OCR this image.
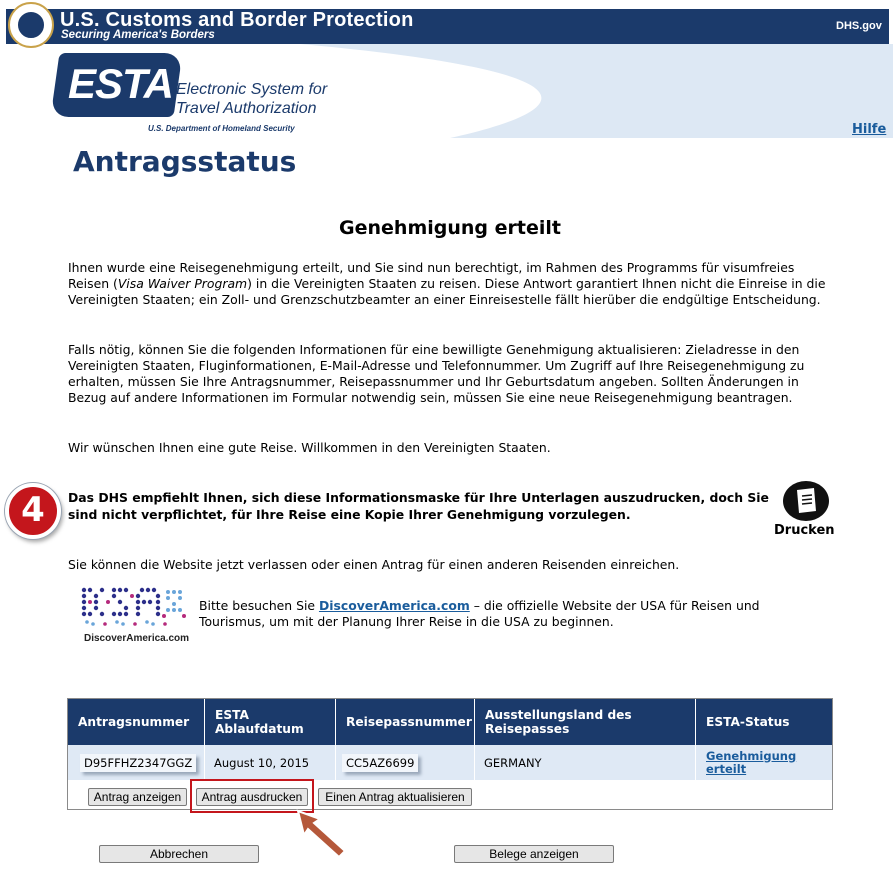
U.S. Customs and Border Protection
Securing America's Borders
DHS.gov
ESTA Electronic System for
Travel Authorization
U.S. Department of Homeland Security	Hilfe
Antragsstatus
Genehmigung erteilt
Ihnen wurde eine Reisegenehmigung erteilt, und Sie sind nun berechtigt, im Rahmen des Programms für visumfreies Reisen (Visa Waiver Program) in die Vereinigten Staaten zu reisen. Diese Antwort garantiert Ihnen nicht die Einreise in die Vereinigten Staaten; ein Zoll- und Grenzschutzbeamter an einer Einreisestelle fällt hierüber die endgültige Entscheidung.
Falls nötig, können Sie die folgenden Informationen für eine bewilligte Genehmigung aktualisieren: Zieladresse in den Vereinigten Staaten, Fluginformationen, E-Mail-Adresse und Telefonnummer. Um Zugriff auf Ihre Reisegenehmigung zu erhalten, müssen Sie Ihre Antragsnummer, Reisepassnummer und Ihr Geburtsdatum angeben. Sollten Änderungen in Bezug auf andere Informationen im Formular notwendig sein, müssen Sie eine neue Reisegenehmigung beantragen.
Wir wünschen Ihnen eine gute Reise. Willkommen in den Vereinigten Staaten.
4	Das DHS empfiehlt Ihnen, sich diese Informationsmaske für Ihre Unterlagen auszudrucken, doch Sie sind nicht verpflichtet, für Ihre Reise eine Kopie Ihrer Genehmigung vorzulegen.
Drucken
Sie können die Website jetzt verlassen oder einen Antrag für einen anderen Reisenden einreichen.
DiscoverAmerica.com
Bitte besuchen Sie DiscoverAmerica.com – die offizielle Website der USA für Reisen und Tourismus, um mit der Planung Ihrer Reise in die USA zu beginnen.
Antragsnummer	ESTA Ablaufdatum	Reisepassnummer	Ausstellungsland des Reisepasses	ESTA-Status
D95FFHZ2347GGZ	August 10, 2015	CC5AZ6699	GERMANY	Genehmigung erteilt
Antrag anzeigen	Antrag ausdrucken	Einen Antrag aktualisieren
Abbrechen	Belege anzeigen
